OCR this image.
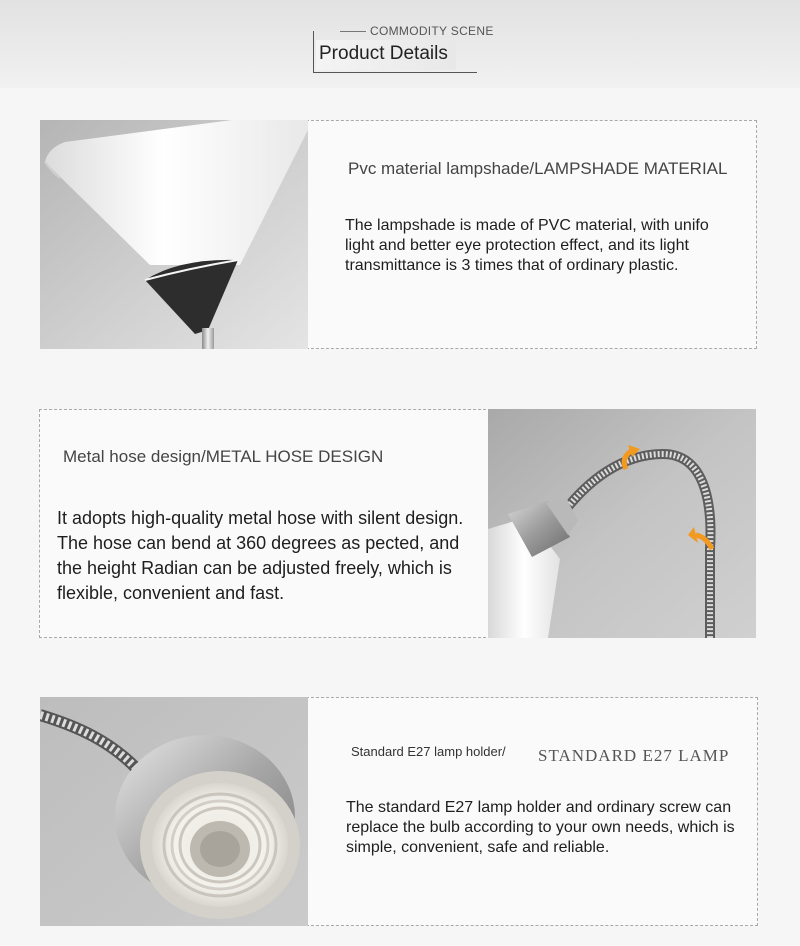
COMMODITY SCENE
Product Details
Pvc material lampshade/LAMPSHADE MATERIAL
The lampshade is made of PVC material, with unifo light and better eye protection effect, and its light transmittance is 3 times that of ordinary plastic.
Metal hose design/METAL HOSE DESIGN
It adopts high-quality metal hose with silent design. The hose can bend at 360 degrees as pected, and the height Radian can be adjusted freely, which is flexible, convenient and fast.
Standard E27 lamp holder/ STANDARD E27 LAMP
The standard E27 lamp holder and ordinary screw can replace the bulb according to your own needs, which is simple, convenient, safe and reliable.
